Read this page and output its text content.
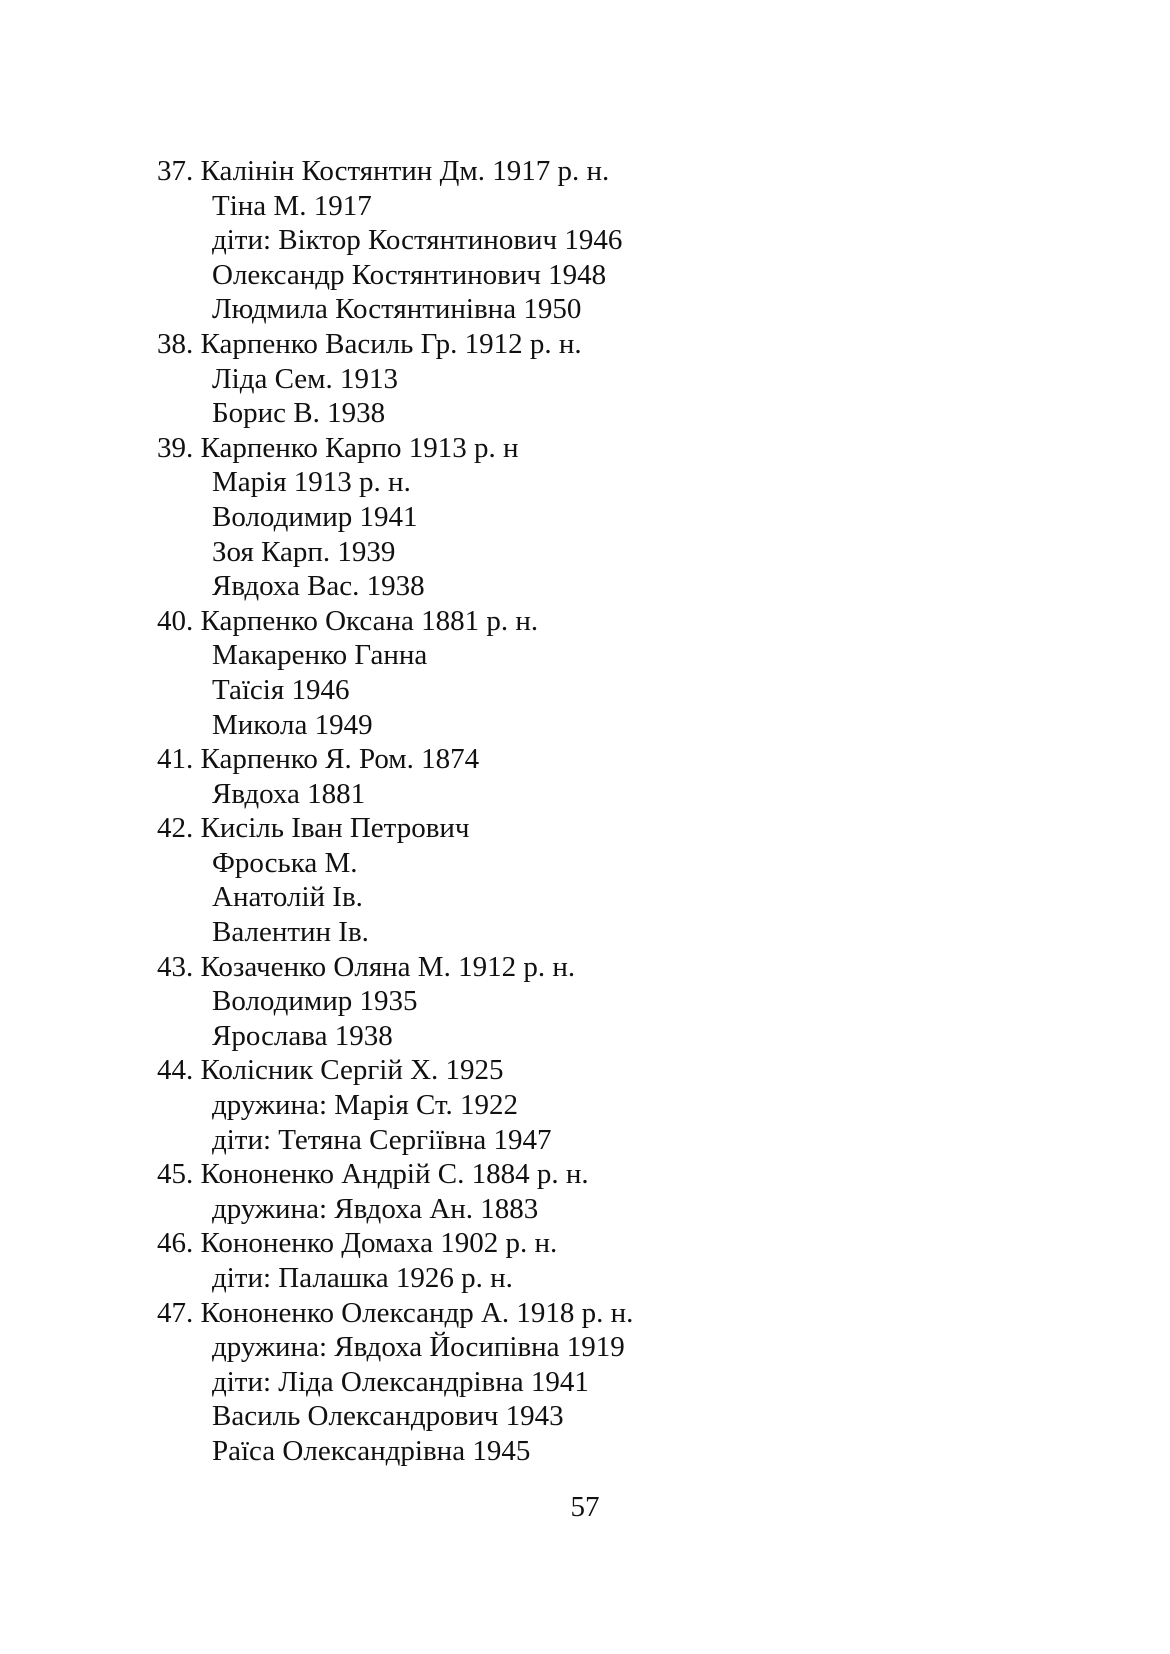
37. Калінін Костянтин Дм. 1917 р. н.
Тіна М. 1917
діти: Віктор Костянтинович 1946
Олександр Костянтинович 1948
Людмила Костянтинівна 1950
38. Карпенко Василь Гр. 1912 р. н.
Ліда Сем. 1913
Борис В. 1938
39. Карпенко Карпо 1913 р. н
Марія 1913 р. н.
Володимир 1941
Зоя Карп. 1939
Явдоха Вас. 1938
40. Карпенко Оксана 1881 р. н.
Макаренко Ганна
Таїсія 1946
Микола 1949
41. Карпенко Я. Ром. 1874
Явдоха 1881
42. Кисіль Іван Петрович
Фроська М.
Анатолій Ів.
Валентин Ів.
43. Козаченко Оляна М. 1912 р. н.
Володимир 1935
Ярослава 1938
44. Колісник Сергій Х. 1925
дружина: Марія Ст. 1922
діти: Тетяна Сергіївна 1947
45. Кононенко Андрій С. 1884 р. н.
дружина: Явдоха Ан. 1883
46. Кононенко Домаха 1902 р. н.
діти: Палашка 1926 р. н.
47. Кононенко Олександр А. 1918 р. н.
дружина: Явдоха Йосипівна 1919
діти: Ліда Олександрівна 1941
Василь Олександрович 1943
Раїса Олександрівна 1945
57
